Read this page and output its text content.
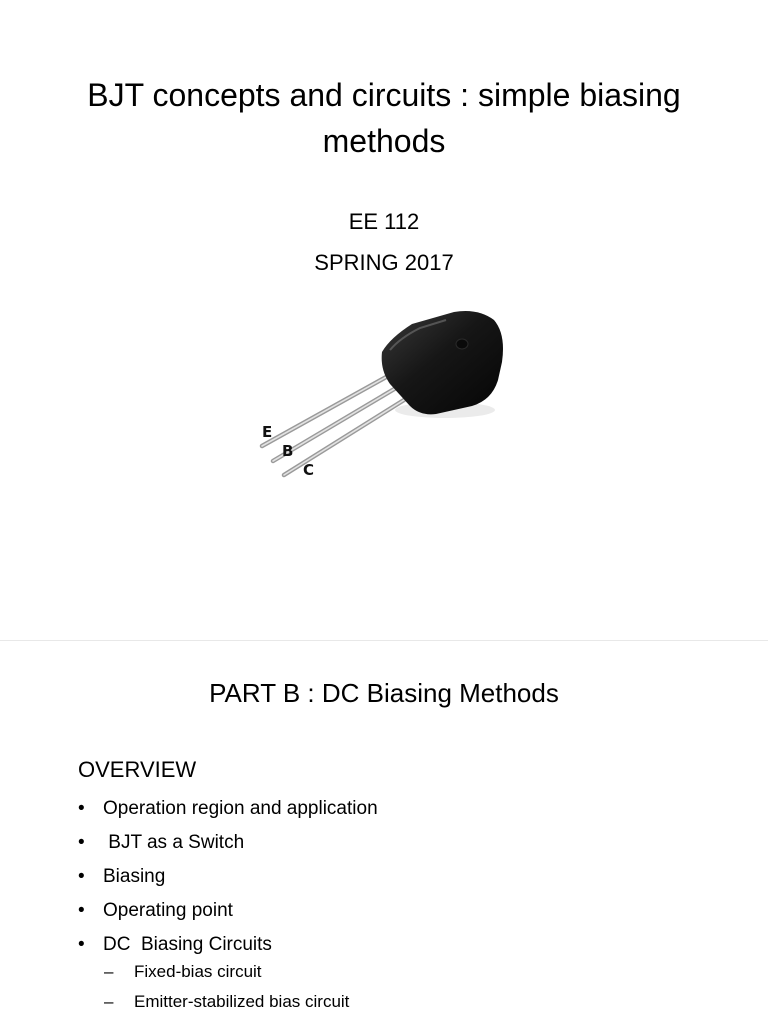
BJT concepts and circuits : simple biasing methods
EE 112
SPRING 2017
E
B
C
PART B : DC Biasing Methods
OVERVIEW
• Operation region and application
• BJT as a Switch
• Biasing
• Operating point
• DC  Biasing Circuits
– Fixed-bias circuit
– Emitter-stabilized bias circuit
